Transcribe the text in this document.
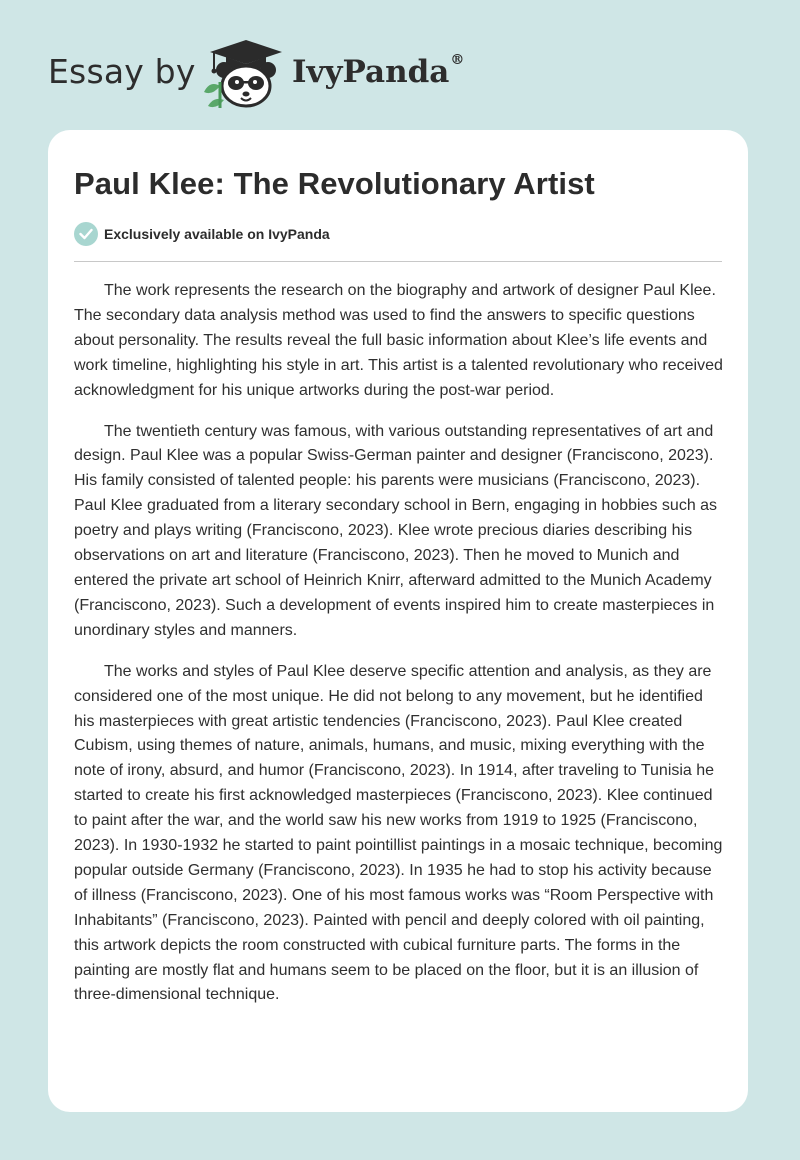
Essay by	IvyPanda®
Paul Klee: The Revolutionary Artist
Exclusively available on IvyPanda

The work represents the research on the biography and artwork of designer Paul Klee. The secondary data analysis method was used to find the answers to specific questions about personality. The results reveal the full basic information about Klee’s life events and work timeline, highlighting his style in art. This artist is a talented revolutionary who received acknowledgment for his unique artworks during the post-war period.

The twentieth century was famous, with various outstanding representatives of art and design. Paul Klee was a popular Swiss-German painter and designer (Franciscono, 2023). His family consisted of talented people: his parents were musicians (Franciscono, 2023). Paul Klee graduated from a literary secondary school in Bern, engaging in hobbies such as poetry and plays writing (Franciscono, 2023). Klee wrote precious diaries describing his observations on art and literature (Franciscono, 2023). Then he moved to Munich and entered the private art school of Heinrich Knirr, afterward admitted to the Munich Academy (Franciscono, 2023). Such a development of events inspired him to create masterpieces in unordinary styles and manners.

The works and styles of Paul Klee deserve specific attention and analysis, as they are considered one of the most unique. He did not belong to any movement, but he identified his masterpieces with great artistic tendencies (Franciscono, 2023). Paul Klee created Cubism, using themes of nature, animals, humans, and music, mixing everything with the note of irony, absurd, and humor (Franciscono, 2023). In 1914, after traveling to Tunisia he started to create his first acknowledged masterpieces (Franciscono, 2023). Klee continued to paint after the war, and the world saw his new works from 1919 to 1925 (Franciscono, 2023). In 1930-1932 he started to paint pointillist paintings in a mosaic technique, becoming popular outside Germany (Franciscono, 2023). In 1935 he had to stop his activity because of illness (Franciscono, 2023). One of his most famous works was “Room Perspective with Inhabitants” (Franciscono, 2023). Painted with pencil and deeply colored with oil painting, this artwork depicts the room constructed with cubical furniture parts. The forms in the painting are mostly flat and humans seem to be placed on the floor, but it is an illusion of three-dimensional technique.
